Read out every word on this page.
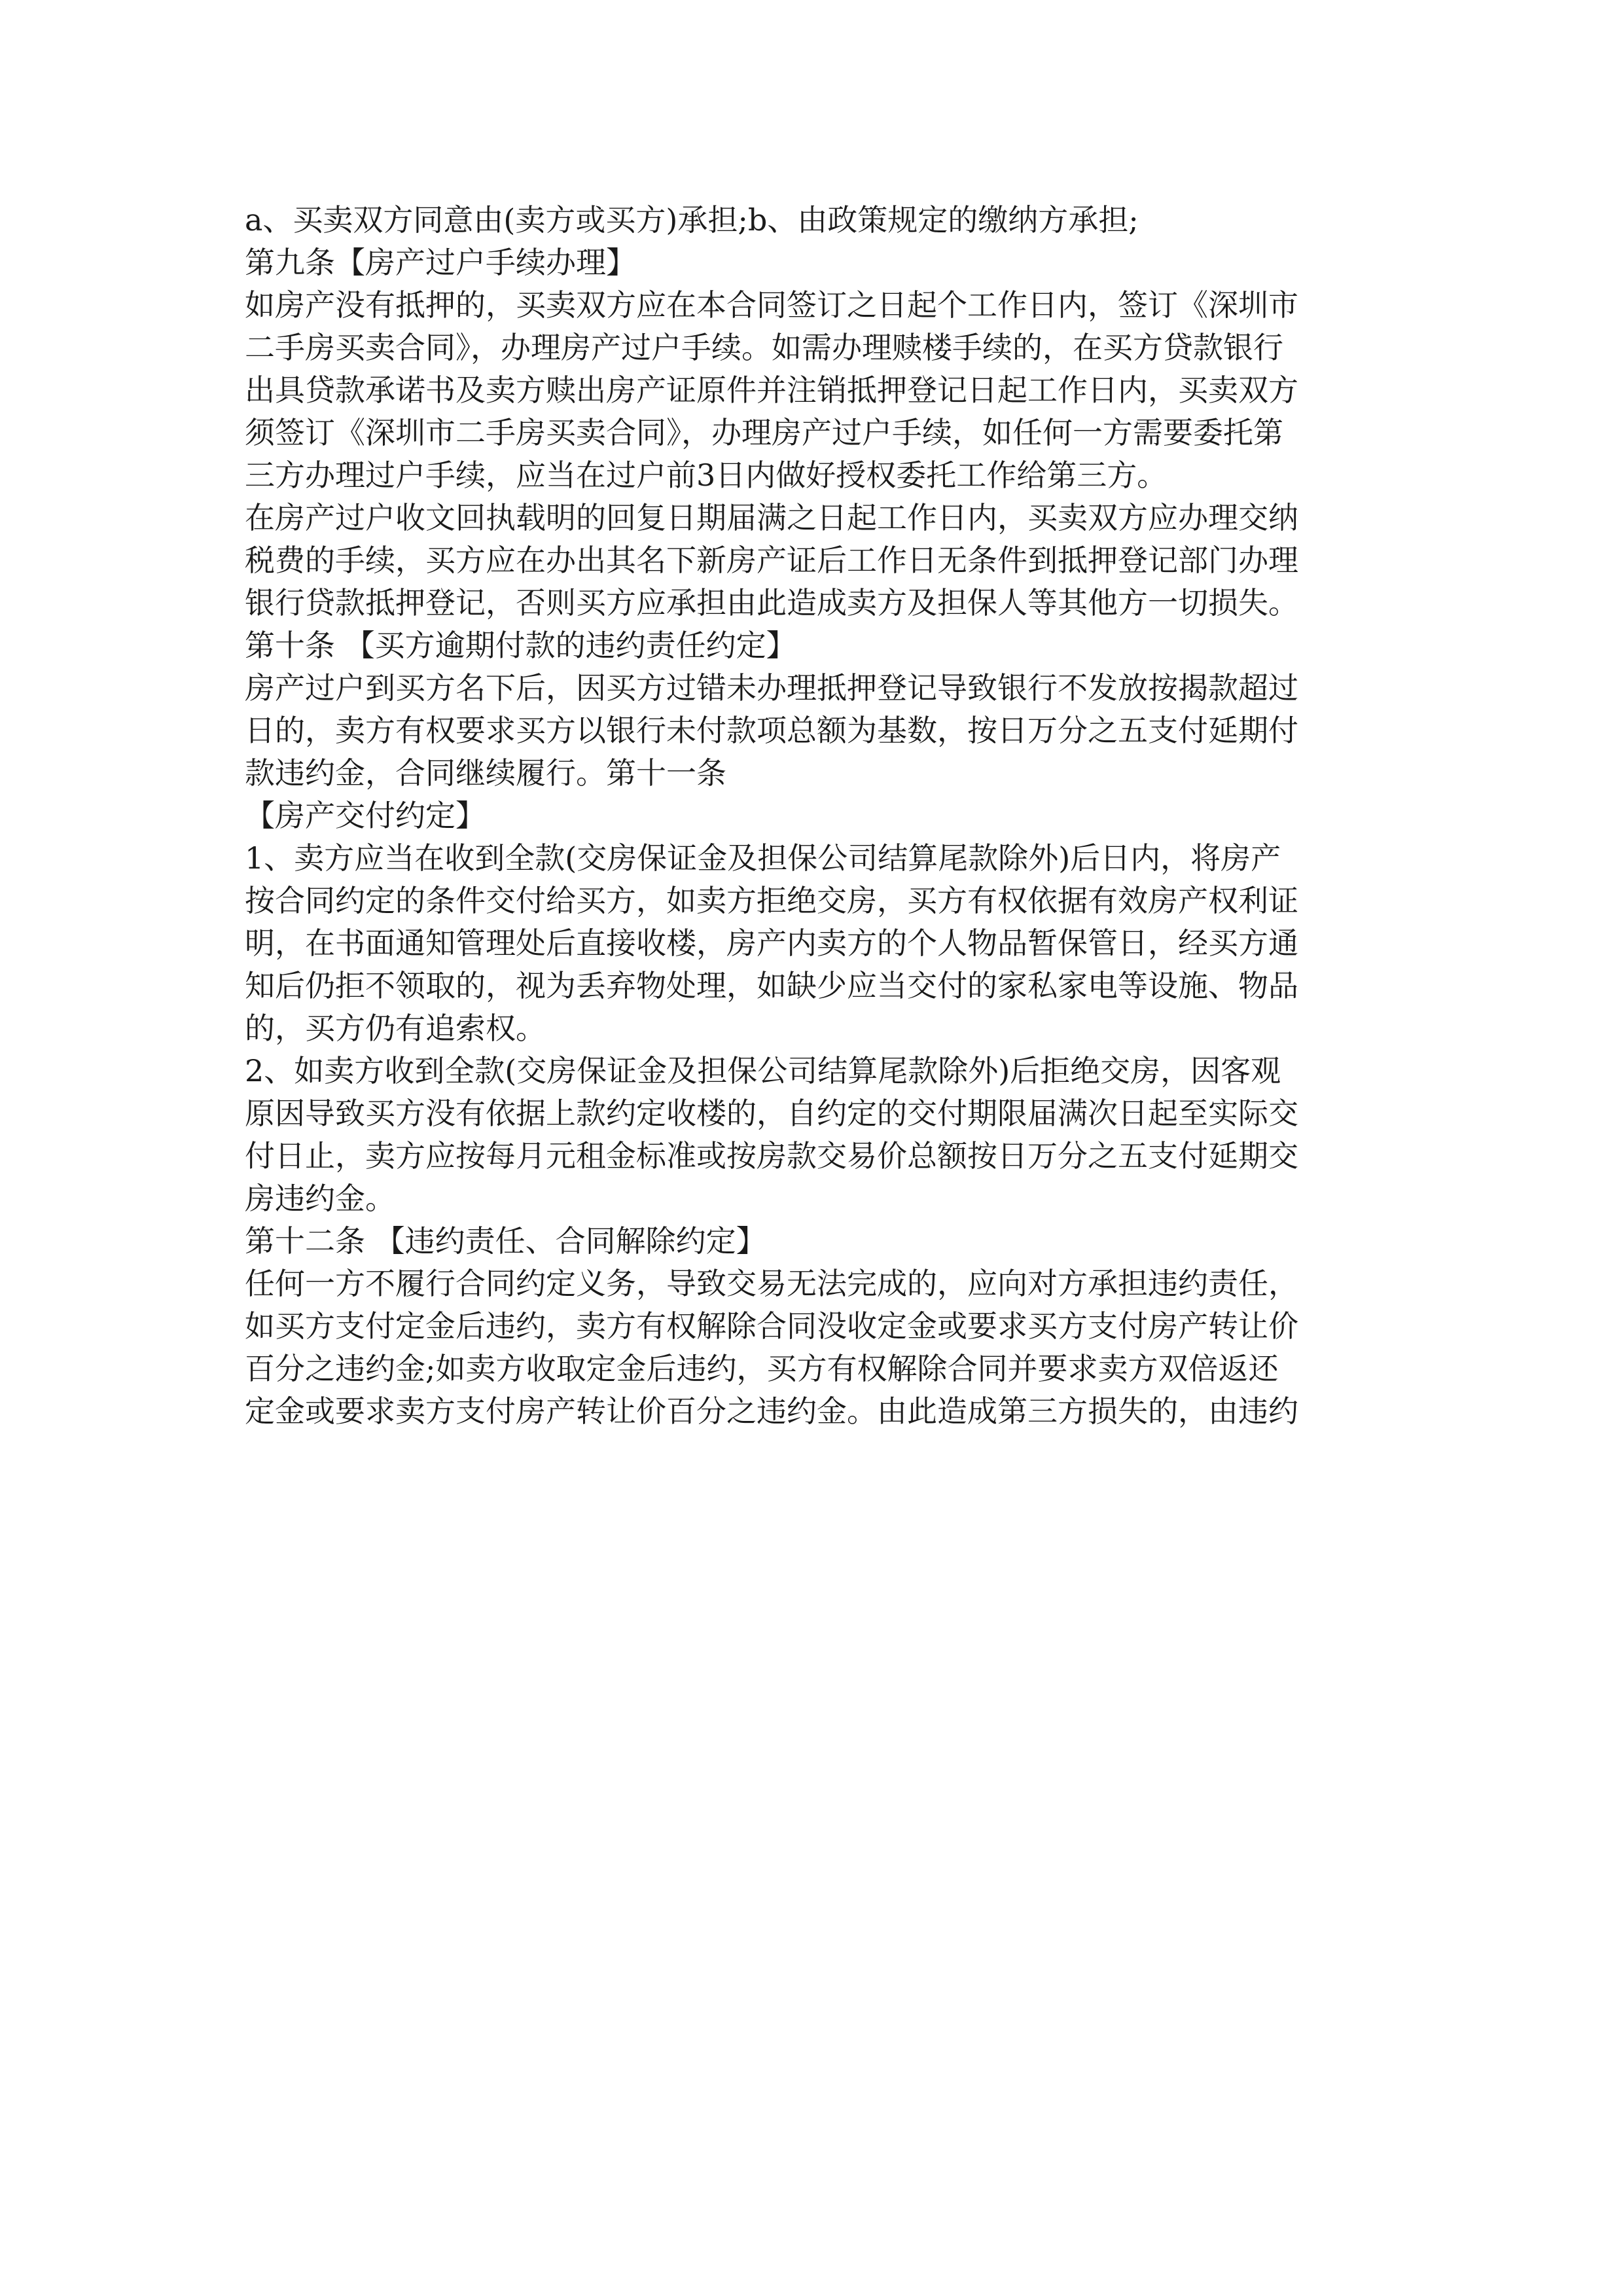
a、买卖双方同意由(卖方或买方)承担;b、由政策规定的缴纳方承担;
第九条【房产过户手续办理】
如房产没有抵押的，买卖双方应在本合同签订之日起个工作日内，签订《深圳市
二手房买卖合同》，办理房产过户手续。如需办理赎楼手续的，在买方贷款银行
出具贷款承诺书及卖方赎出房产证原件并注销抵押登记日起工作日内，买卖双方
须签订《深圳市二手房买卖合同》，办理房产过户手续，如任何一方需要委托第
三方办理过户手续，应当在过户前3日内做好授权委托工作给第三方。
在房产过户收文回执载明的回复日期届满之日起工作日内，买卖双方应办理交纳
税费的手续，买方应在办出其名下新房产证后工作日无条件到抵押登记部门办理
银行贷款抵押登记，否则买方应承担由此造成卖方及担保人等其他方一切损失。
第十条 【买方逾期付款的违约责任约定】
房产过户到买方名下后，因买方过错未办理抵押登记导致银行不发放按揭款超过
日的，卖方有权要求买方以银行未付款项总额为基数，按日万分之五支付延期付
款违约金，合同继续履行。第十一条
【房产交付约定】
1、卖方应当在收到全款(交房保证金及担保公司结算尾款除外)后日内，将房产
按合同约定的条件交付给买方，如卖方拒绝交房，买方有权依据有效房产权利证
明，在书面通知管理处后直接收楼，房产内卖方的个人物品暂保管日，经买方通
知后仍拒不领取的，视为丢弃物处理，如缺少应当交付的家私家电等设施、物品
的，买方仍有追索权。
2、如卖方收到全款(交房保证金及担保公司结算尾款除外)后拒绝交房，因客观
原因导致买方没有依据上款约定收楼的，自约定的交付期限届满次日起至实际交
付日止，卖方应按每月元租金标准或按房款交易价总额按日万分之五支付延期交
房违约金。
第十二条 【违约责任、合同解除约定】
任何一方不履行合同约定义务，导致交易无法完成的，应向对方承担违约责任，
如买方支付定金后违约，卖方有权解除合同没收定金或要求买方支付房产转让价
百分之违约金;如卖方收取定金后违约，买方有权解除合同并要求卖方双倍返还
定金或要求卖方支付房产转让价百分之违约金。由此造成第三方损失的，由违约
